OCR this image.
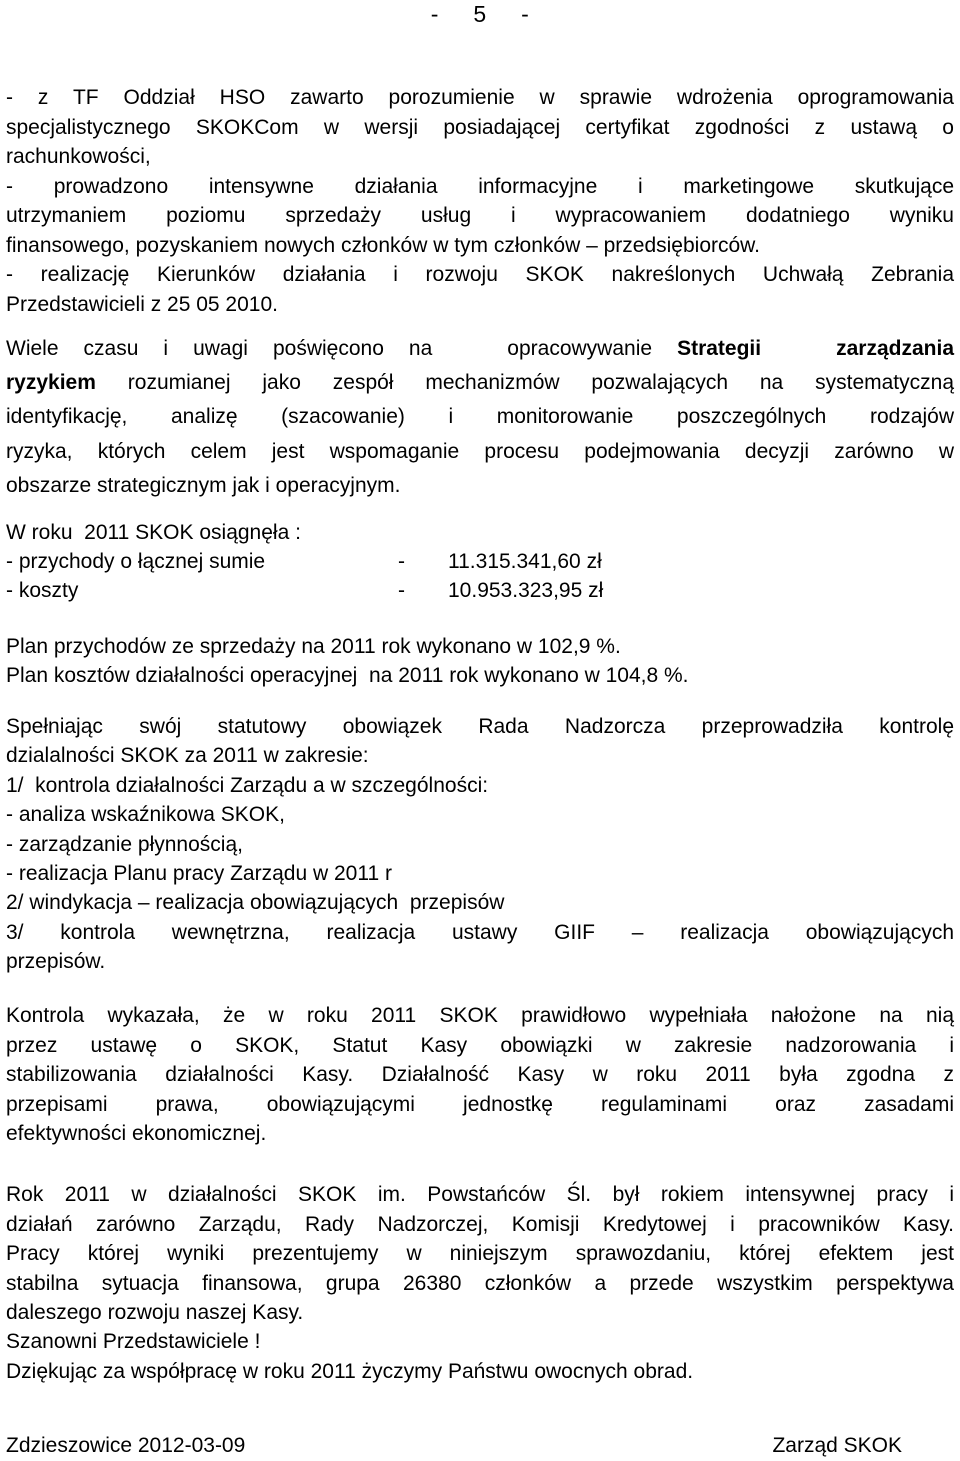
-     5     -

- z TF Oddział HSO zawarto porozumienie w sprawie wdrożenia oprogramowania
specjalistycznego SKOKCom w wersji posiadającej certyfikat zgodności z ustawą o
rachunkowości,
- prowadzono intensywne działania informacyjne i marketingowe skutkujące
utrzymaniem poziomu sprzedaży usług i wypracowaniem dodatniego wyniku
finansowego, pozyskaniem nowych członków w tym członków – przedsiębiorców.
- realizację Kierunków działania i rozwoju SKOK nakreślonych Uchwałą Zebrania
Przedstawicieli z 25 05 2010.

Wiele czasu i uwagi poświęcono na   opracowywanie Strategii   zarządzania
ryzykiem rozumianej jako zespół mechanizmów pozwalających na systematyczną
identyfikację, analizę (szacowanie) i monitorowanie poszczególnych rodzajów
ryzyka, których celem jest wspomaganie procesu podejmowania decyzji zarówno w
obszarze strategicznym jak i operacyjnym.

W roku  2011 SKOK osiągnęła :
- przychody o łącznej sumie	- 11.315.341,60 zł
- koszty	- 10.953.323,95 zł

Plan przychodów ze sprzedaży na 2011 rok wykonano w 102,9 %.
Plan kosztów działalności operacyjnej  na 2011 rok wykonano w 104,8 %.

Spełniając swój statutowy obowiązek Rada Nadzorcza przeprowadziła kontrolę
dzialalności SKOK za 2011 w zakresie:
1/  kontrola działalności Zarządu a w szczególności:
- analiza wskaźnikowa SKOK,
- zarządzanie płynnością,
- realizacja Planu pracy Zarządu w 2011 r
2/ windykacja – realizacja obowiązujących  przepisów
3/ kontrola wewnętrzna, realizacja ustawy GIIF – realizacja obowiązujących
przepisów.

Kontrola wykazała, że w roku 2011 SKOK prawidłowo wypełniała nałożone na nią
przez ustawę o SKOK, Statut Kasy obowiązki w zakresie nadzorowania i
stabilizowania działalności Kasy. Działalność Kasy w roku 2011 była zgodna z
przepisami prawa, obowiązującymi jednostkę regulaminami oraz zasadami
efektywności ekonomicznej.

Rok 2011 w działalności SKOK im. Powstańców Śl. był rokiem intensywnej pracy i
działań zarówno Zarządu, Rady Nadzorczej, Komisji Kredytowej i pracowników Kasy.
Pracy której wyniki prezentujemy w niniejszym sprawozdaniu, której efektem jest
stabilna sytuacja finansowa, grupa 26380 członków a przede wszystkim perspektywa
daleszego rozwoju naszej Kasy.
Szanowni Przedstawiciele !
Dziękując za współpracę w roku 2011 życzymy Państwu owocnych obrad.

Zdzieszowice 2012-03-09	Zarząd SKOK
